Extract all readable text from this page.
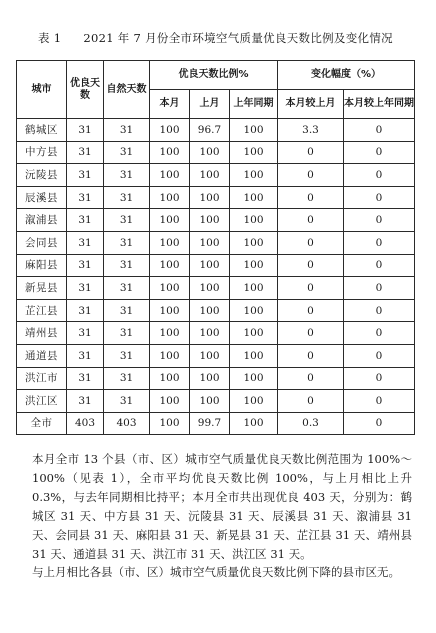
表 1 2021 年 7 月份全市环境空气质量优良天数比例及变化情况
城市	优良天数	自然天数	优良天数比例%			变化幅度（%）	
			本月	上月	上年同期	本月较上月	本月较上年同期
鹤城区	31	31	100	96.7	100	3.3	0
中方县	31	31	100	100	100	0	0
沅陵县	31	31	100	100	100	0	0
辰溪县	31	31	100	100	100	0	0
溆浦县	31	31	100	100	100	0	0
会同县	31	31	100	100	100	0	0
麻阳县	31	31	100	100	100	0	0
新晃县	31	31	100	100	100	0	0
芷江县	31	31	100	100	100	0	0
靖州县	31	31	100	100	100	0	0
通道县	31	31	100	100	100	0	0
洪江市	31	31	100	100	100	0	0
洪江区	31	31	100	100	100	0	0
全市	403	403	100	99.7	100	0.3	0

本月全市 13 个县（市、区）城市空气质量优良天数比例范围为 100%～100%（见表 1），全市平均优良天数比例 100%，与上月相比上升 0.3%，与去年同期相比持平；本月全市共出现优良 403 天，分别为：鹤城区 31 天、中方县 31 天、沅陵县 31 天、辰溪县 31 天、溆浦县 31 天、会同县 31 天、麻阳县 31 天、新晃县 31 天、芷江县 31 天、靖州县 31 天、通道县 31 天、洪江市 31 天、洪江区 31 天。

与上月相比各县（市、区）城市空气质量优良天数比例下降的县市区无。
